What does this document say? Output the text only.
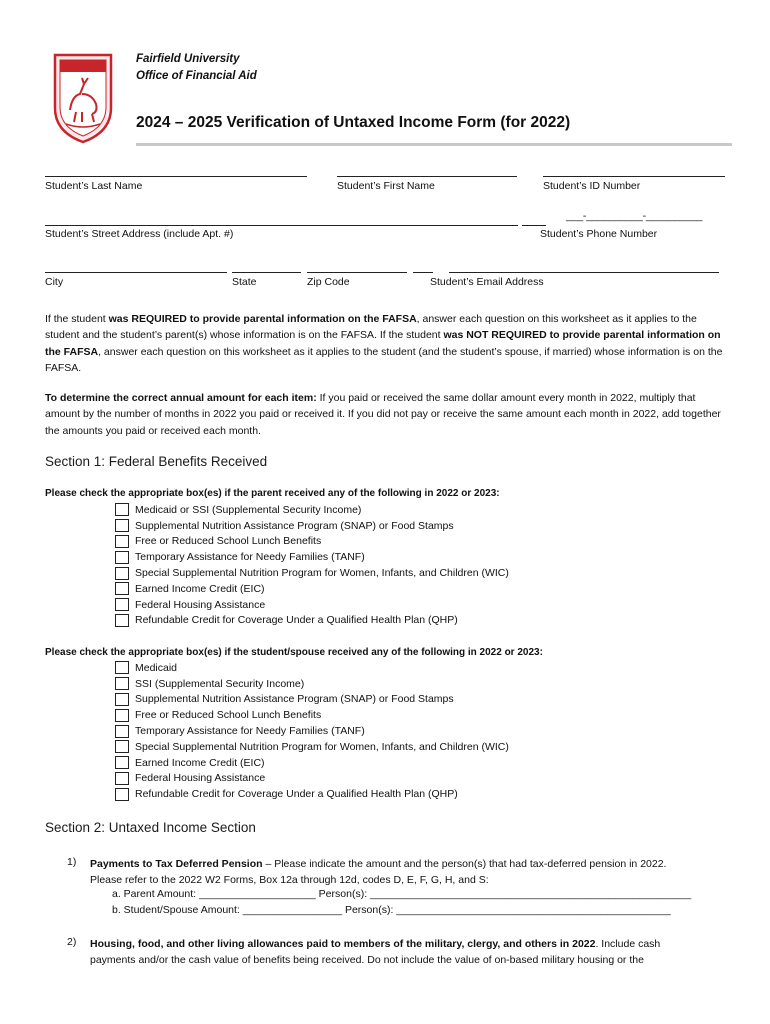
Fairfield University
Office of Financial Aid
2024 – 2025 Verification of Untaxed Income Form (for 2022)
Student’s Last Name	Student’s First Name	Student’s ID Number
___-__________-__________
Student’s Street Address (include Apt. #)	Student’s Phone Number
City	State	Zip Code	Student’s Email Address
If the student was REQUIRED to provide parental information on the FAFSA, answer each question on this worksheet as it applies to the student and the student’s parent(s) whose information is on the FAFSA. If the student was NOT REQUIRED to provide parental information on the FAFSA, answer each question on this worksheet as it applies to the student (and the student’s spouse, if married) whose information is on the FAFSA.
To determine the correct annual amount for each item: If you paid or received the same dollar amount every month in 2022, multiply that amount by the number of months in 2022 you paid or received it. If you did not pay or receive the same amount each month in 2022, add together the amounts you paid or received each month.
Section 1: Federal Benefits Received
Please check the appropriate box(es) if the parent received any of the following in 2022 or 2023:
Medicaid or SSI (Supplemental Security Income)
Supplemental Nutrition Assistance Program (SNAP) or Food Stamps
Free or Reduced School Lunch Benefits
Temporary Assistance for Needy Families (TANF)
Special Supplemental Nutrition Program for Women, Infants, and Children (WIC)
Earned Income Credit (EIC)
Federal Housing Assistance
Refundable Credit for Coverage Under a Qualified Health Plan (QHP)
Please check the appropriate box(es) if the student/spouse received any of the following in 2022 or 2023:
Medicaid
SSI (Supplemental Security Income)
Supplemental Nutrition Assistance Program (SNAP) or Food Stamps
Free or Reduced School Lunch Benefits
Temporary Assistance for Needy Families (TANF)
Special Supplemental Nutrition Program for Women, Infants, and Children (WIC)
Earned Income Credit (EIC)
Federal Housing Assistance
Refundable Credit for Coverage Under a Qualified Health Plan (QHP)
Section 2: Untaxed Income Section
1) Payments to Tax Deferred Pension – Please indicate the amount and the person(s) that had tax-deferred pension in 2022.
Please refer to the 2022 W2 Forms, Box 12a through 12d, codes D, E, F, G, H, and S:
a. Parent Amount: ____________________ Person(s): _______________________________________________________
b. Student/Spouse Amount: _________________ Person(s): _______________________________________________
2) Housing, food, and other living allowances paid to members of the military, clergy, and others in 2022. Include cash
payments and/or the cash value of benefits being received. Do not include the value of on-based military housing or the
